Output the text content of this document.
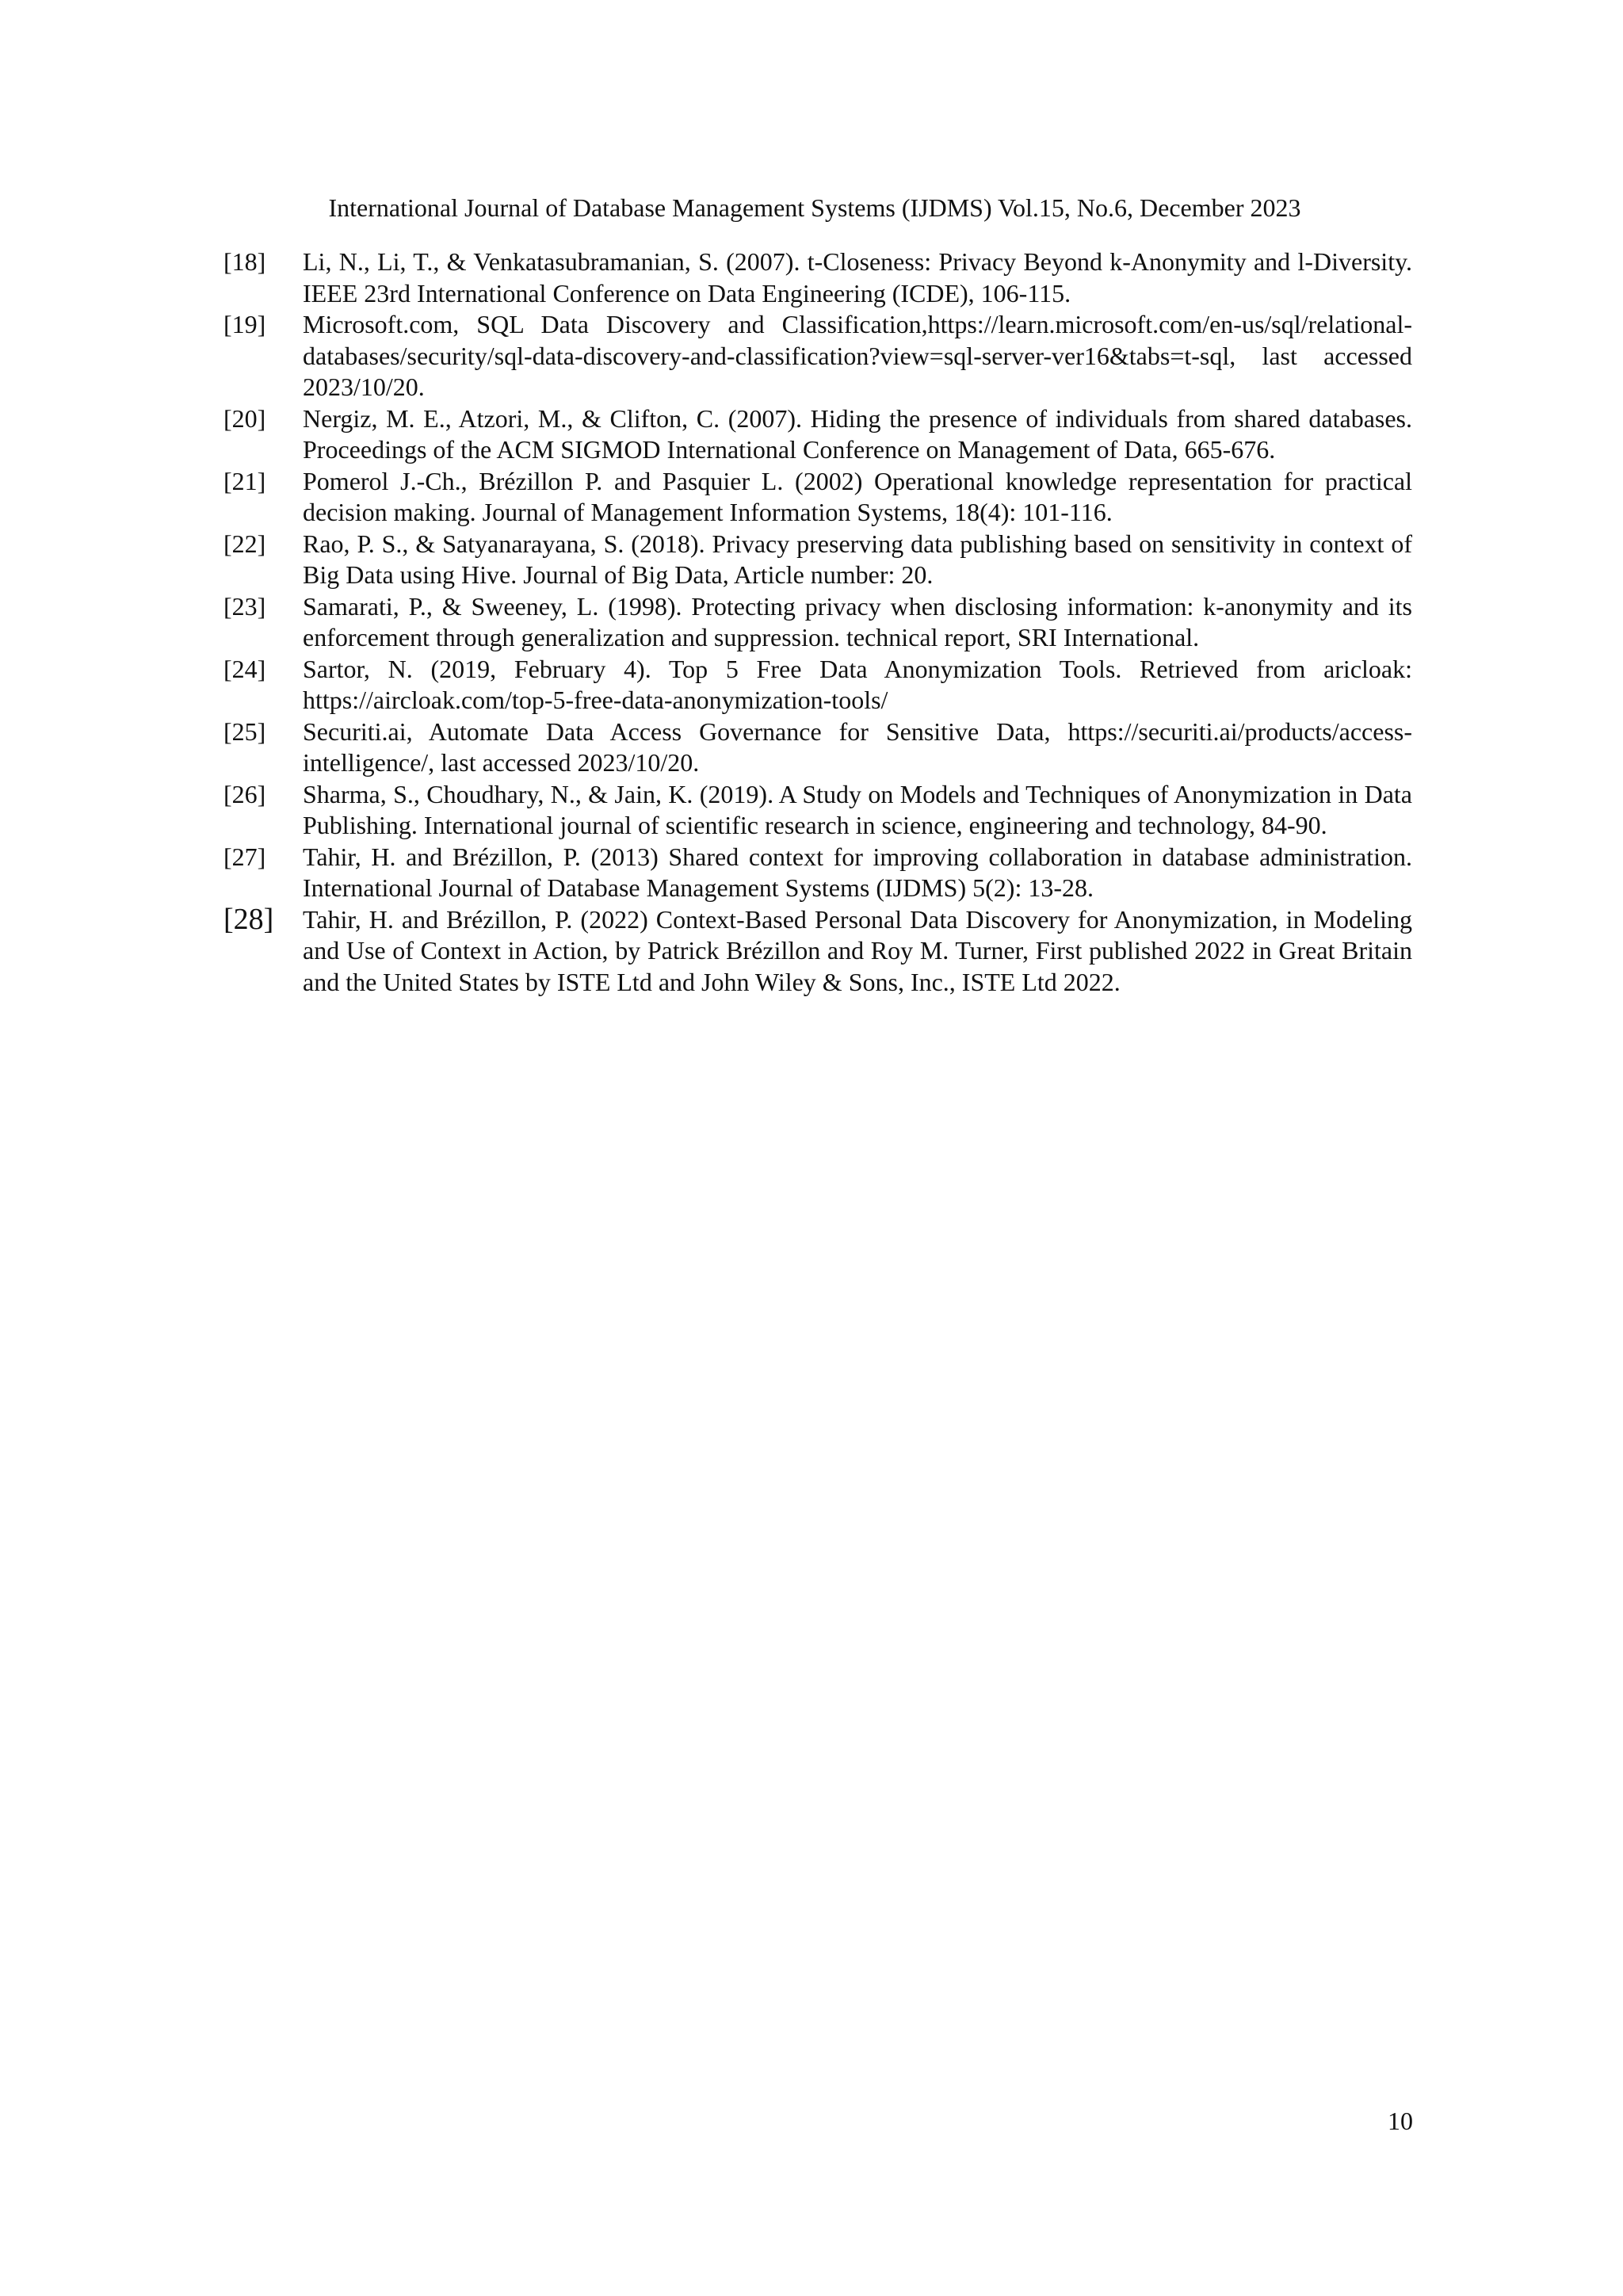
International Journal of Database Management Systems (IJDMS) Vol.15, No.6, December 2023
[18]	Li, N., Li, T., & Venkatasubramanian, S. (2007). t-Closeness: Privacy Beyond k-Anonymity and l-Diversity. IEEE 23rd International Conference on Data Engineering (ICDE), 106-115.
[19]	Microsoft.com, SQL Data Discovery and Classification,https://learn.microsoft.com/en-us/sql/relational-databases/security/sql-data-discovery-and-classification?view=sql-server-ver16&tabs=t-sql, last accessed 2023/10/20.
[20]	Nergiz, M. E., Atzori, M., & Clifton, C. (2007). Hiding the presence of individuals from shared databases. Proceedings of the ACM SIGMOD International Conference on Management of Data, 665-676.
[21]	Pomerol J.-Ch., Brézillon P. and Pasquier L. (2002) Operational knowledge representation for practical decision making. Journal of Management Information Systems, 18(4): 101-116.
[22]	Rao, P. S., & Satyanarayana, S. (2018). Privacy preserving data publishing based on sensitivity in context of Big Data using Hive. Journal of Big Data, Article number: 20.
[23]	Samarati, P., & Sweeney, L. (1998). Protecting privacy when disclosing information: k-anonymity and its enforcement through generalization and suppression. technical report, SRI International.
[24]	Sartor, N. (2019, February 4). Top 5 Free Data Anonymization Tools. Retrieved from aricloak: https://aircloak.com/top-5-free-data-anonymization-tools/
[25]	Securiti.ai, Automate Data Access Governance for Sensitive Data, https://securiti.ai/products/access-intelligence/, last accessed 2023/10/20.
[26]	Sharma, S., Choudhary, N., & Jain, K. (2019). A Study on Models and Techniques of Anonymization in Data Publishing. International journal of scientific research in science, engineering and technology, 84-90.
[27]	Tahir, H. and Brézillon, P. (2013) Shared context for improving collaboration in database administration. International Journal of Database Management Systems (IJDMS) 5(2): 13-28.
[28]	Tahir, H. and Brézillon, P. (2022) Context-Based Personal Data Discovery for Anonymization, in Modeling and Use of Context in Action, by Patrick Brézillon and Roy M. Turner, First published 2022 in Great Britain and the United States by ISTE Ltd and John Wiley & Sons, Inc., ISTE Ltd 2022.
10
